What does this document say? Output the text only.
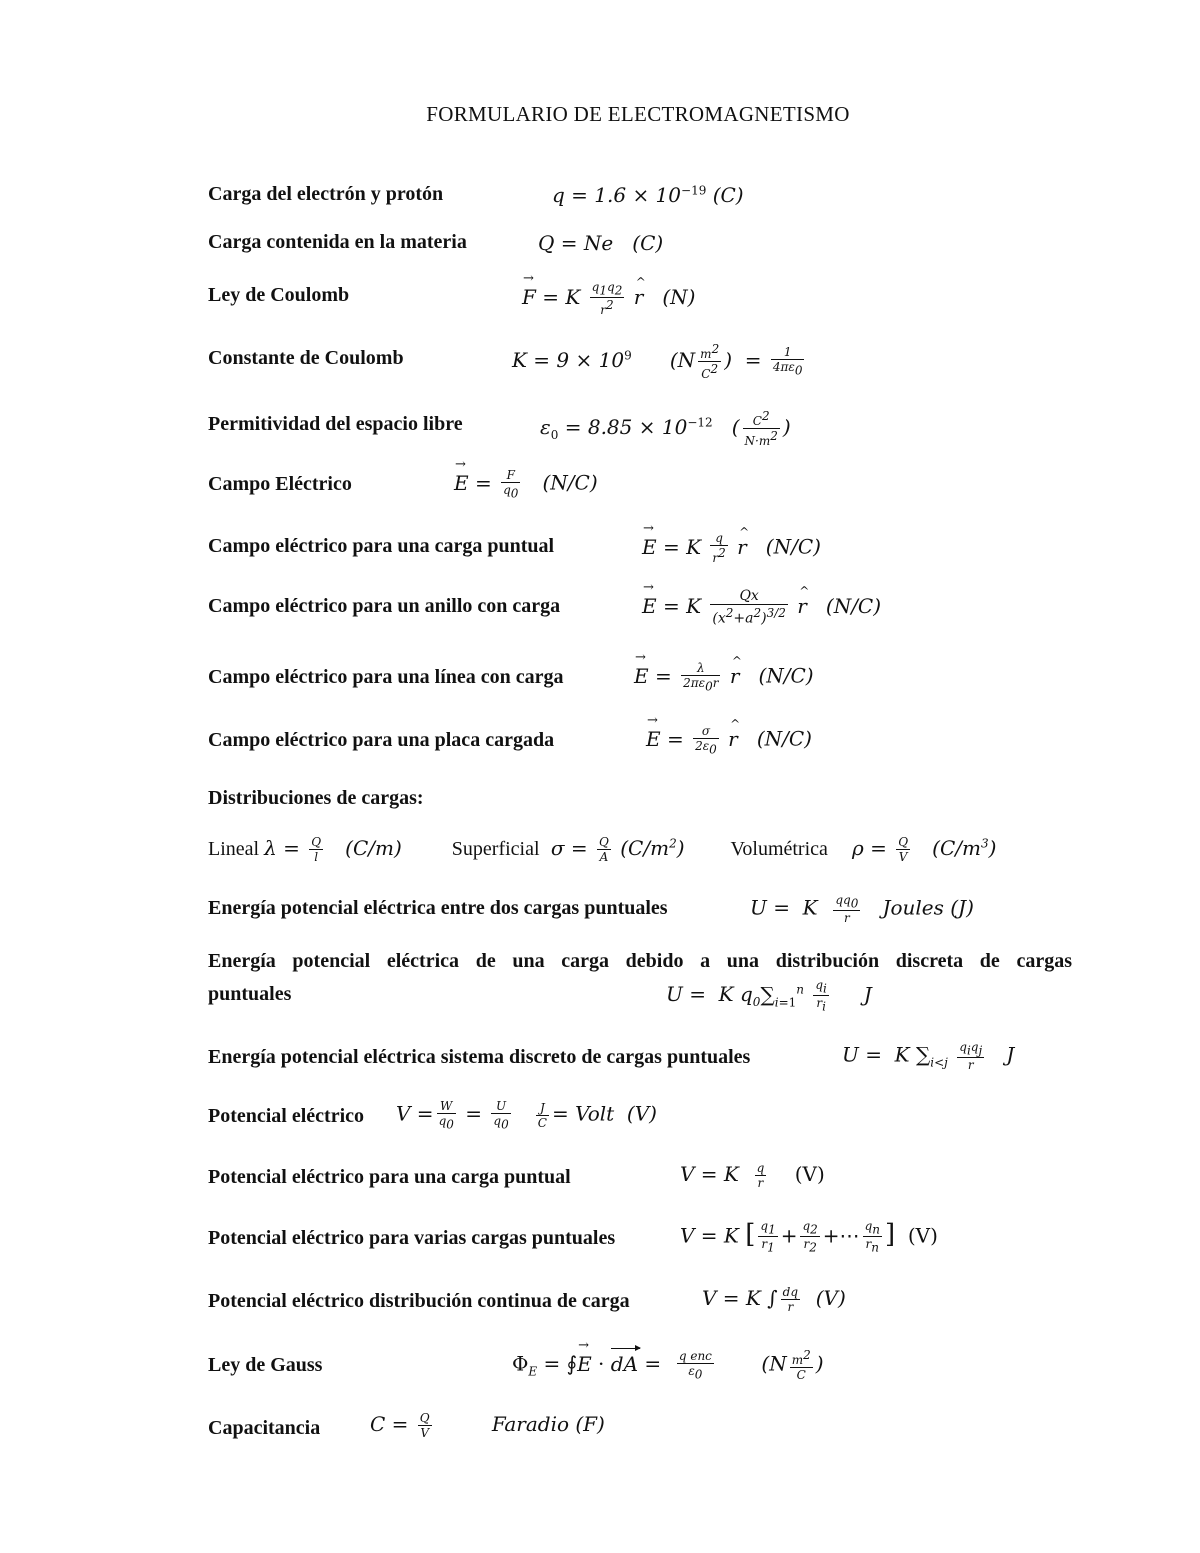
FORMULARIO DE ELECTROMAGNETISMO
Carga del electrón y protón	$q = 1.6 \times 10^{-19}$ (C)
Carga contenida en la materia	Q = Ne (C)
Ley de Coulomb	→ F = K $\frac{q_1q_2}{r^2}$ ^ r (N)
Constante de Coulomb	$K = 9 \times 10^9$ ($N \frac{m^2}{C^2}$ )  = $\frac{1}{4\pi\varepsilon_0}$
Permitividad del espacio libre	$\varepsilon_0 = 8.85 \times 10^{-12}$ ( $\frac{C^2}{N\cdot m^2}$ )
Campo Eléctrico	→ $E = \frac{F}{q_0} (N/C)$
Campo eléctrico para una carga puntual	→ E = K $\frac{q}{r^2}$ ^ r (N/C)
Campo eléctrico para un anillo con carga	→ E = K $\frac{Qx}{(x^2+a^2)^{3/2}}$ ^ r (N/C)
Campo eléctrico para una línea con carga	→ $E = \frac{\lambda}{2\pi\varepsilon_0r}$ ^ r (N/C)
Campo eléctrico para una placa cargada	→ $E = \frac{\sigma}{2\varepsilon_0}$ ^ r (N/C)
Distribuciones de cargas:
Lineal $\lambda = \frac{Q}{l} (C/m)$	Superficial $\sigma = \frac{Q}{A} (C/m^2)$ Volumétrica $\rho = \frac{Q}{V} (C/m^3)$
Energía potencial eléctrica entre dos cargas puntuales	U =  K $\frac{qq_0}{r}$ Joules (J)
Energía potencial eléctrica de una carga debido a una distribución discreta de cargas
puntuales	U =  K $q_0\sum_{i=1}^n \frac{q_i}{r_i}$ J
Energía potencial eléctrica sistema discreto de cargas puntuales	U =  K $\sum_{i<j} \frac{q_iq_j}{r}$ J
Potencial eléctrico $V = \frac{W}{q_0} = \frac{U}{q_0}$
$\frac{J}{C}$ = Volt (V)
Potencial eléctrico para una carga puntual	V = K $\frac{q}{r} (V)$
Potencial eléctrico para varias cargas puntuales	V = K [ $\frac{q_1}{r_1} + \frac{q_2}{r_2}$ +⋯ $\frac{q_n}{r_n}$ ] (V)
Potencial eléctrico distribución continua de carga	V = K ∫ $\frac{dq}{r} (V)$
Ley de Gauss	$\Phi_E$ = ∮→ E · dA = $\frac{\text{q enc}}{\varepsilon_0} (N \frac{m^2}{C}$ )
Capacitancia $C = \frac{Q}{V}$	Faradio (F)
